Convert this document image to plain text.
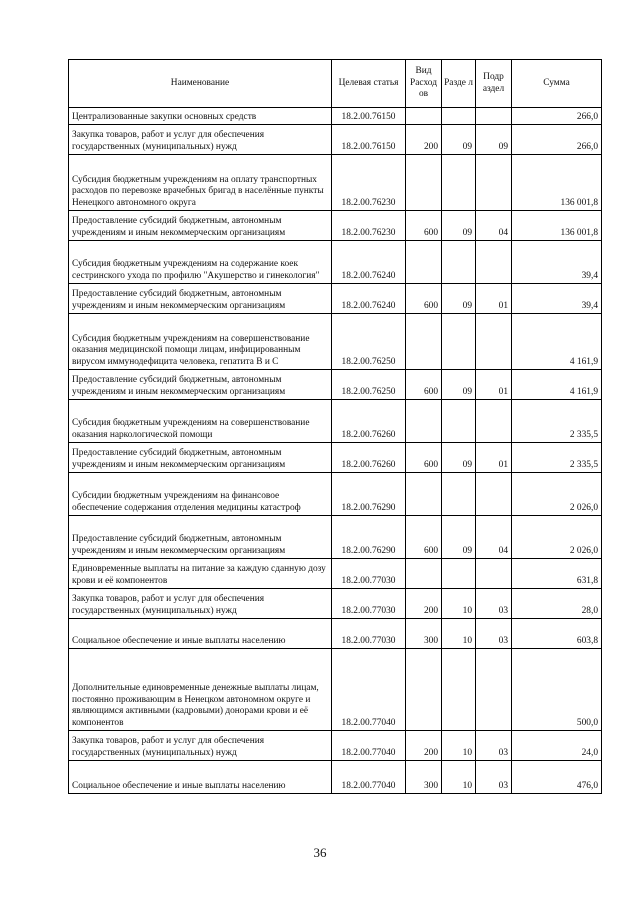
Наименование	Целевая статья	Вид Расход ов	Разде л	Подр аздел	Сумма
Централизованные закупки основных средств	18.2.00.76150				266,0
Закупка товаров, работ и услуг для обеспечения государственных (муниципальных) нужд	18.2.00.76150	200	09	09	266,0
Субсидия бюджетным учреждениям на оплату транспортных расходов по перевозке врачебных бригад в населённые пункты Ненецкого автономного округа	18.2.00.76230				136 001,8
Предоставление субсидий бюджетным, автономным учреждениям и иным некоммерческим организациям	18.2.00.76230	600	09	04	136 001,8
Субсидия бюджетным учреждениям на содержание коек сестринского ухода по профилю "Акушерство и гинекология"	18.2.00.76240				39,4
Предоставление субсидий бюджетным, автономным учреждениям и иным некоммерческим организациям	18.2.00.76240	600	09	01	39,4
Субсидия бюджетным учреждениям на совершенствование оказания медицинской помощи лицам, инфицированным вирусом иммунодефицита человека, гепатита В и С	18.2.00.76250				4 161,9
Предоставление субсидий бюджетным, автономным учреждениям и иным некоммерческим организациям	18.2.00.76250	600	09	01	4 161,9
Субсидия бюджетным учреждениям на совершенствование оказания наркологической помощи	18.2.00.76260				2 335,5
Предоставление субсидий бюджетным, автономным учреждениям и иным некоммерческим организациям	18.2.00.76260	600	09	01	2 335,5
Субсидии бюджетным учреждениям на финансовое обеспечение содержания отделения медицины катастроф	18.2.00.76290				2 026,0
Предоставление субсидий бюджетным, автономным учреждениям и иным некоммерческим организациям	18.2.00.76290	600	09	04	2 026,0
Единовременные выплаты на питание за каждую сданную дозу крови и её компонентов	18.2.00.77030				631,8
Закупка товаров, работ и услуг для обеспечения государственных (муниципальных) нужд	18.2.00.77030	200	10	03	28,0
Социальное обеспечение и иные выплаты населению	18.2.00.77030	300	10	03	603,8
Дополнительные единовременные денежные выплаты лицам, постоянно проживающим в Ненецком автономном округе и являющимся активными (кадровыми) донорами крови и её компонентов	18.2.00.77040				500,0
Закупка товаров, работ и услуг для обеспечения государственных (муниципальных) нужд	18.2.00.77040	200	10	03	24,0
Социальное обеспечение и иные выплаты населению	18.2.00.77040	300	10	03	476,0
36
